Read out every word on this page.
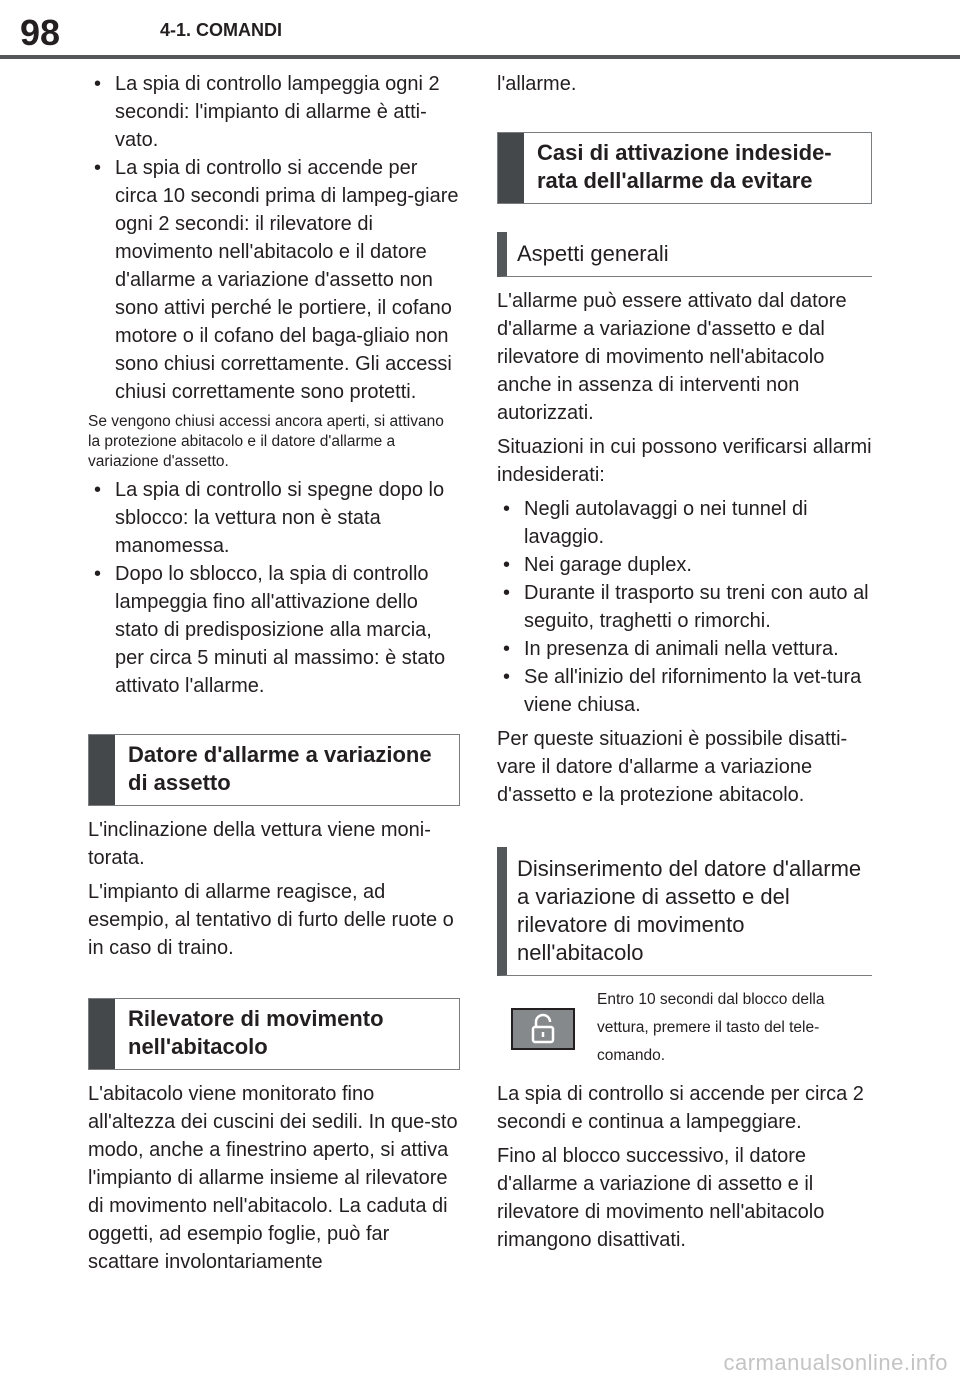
98	4-1. COMANDI
• La spia di controllo lampeggia ogni 2 secondi: l'impianto di allarme è atti-vato.
• La spia di controllo si accende per circa 10 secondi prima di lampeg-giare ogni 2 secondi: il rilevatore di movimento nell'abitacolo e il datore d'allarme a variazione d'assetto non sono attivi perché le portiere, il cofano motore o il cofano del baga-gliaio non sono chiusi correttamente. Gli accessi chiusi correttamente sono protetti.

Se vengono chiusi accessi ancora aperti, si attivano la protezione abitacolo e il datore d'allarme a variazione d'assetto.

• La spia di controllo si spegne dopo lo sblocco: la vettura non è stata manomessa.
• Dopo lo sblocco, la spia di controllo lampeggia fino all'attivazione dello stato di predisposizione alla marcia, per circa 5 minuti al massimo: è stato attivato l'allarme.
Datore d'allarme a variazione di assetto

L'inclinazione della vettura viene moni-torata.

L'impianto di allarme reagisce, ad esempio, al tentativo di furto delle ruote o in caso di traino.

Rilevatore di movimento nell'abitacolo

L'abitacolo viene monitorato fino all'altezza dei cuscini dei sedili. In que-sto modo, anche a finestrino aperto, si attiva l'impianto di allarme insieme al rilevatore di movimento nell'abitacolo. La caduta di oggetti, ad esempio foglie, può far scattare involontariamente

l'allarme.

Casi di attivazione indeside-rata dell'allarme da evitare
Aspetti generali

L'allarme può essere attivato dal datore d'allarme a variazione d'assetto e dal rilevatore di movimento nell'abitacolo anche in assenza di interventi non autorizzati.

Situazioni in cui possono verificarsi allarmi indesiderati:

• Negli autolavaggi o nei tunnel di lavaggio.
• Nei garage duplex.
• Durante il trasporto su treni con auto al seguito, traghetti o rimorchi.
• In presenza di animali nella vettura.
• Se all'inizio del rifornimento la vet-tura viene chiusa.

Per queste situazioni è possibile disatti-vare il datore d'allarme a variazione d'assetto e la protezione abitacolo.

Disinserimento del datore d'allarme a variazione di assetto e del rilevatore di movimento nell'abitacolo
Entro 10 secondi dal blocco della vettura, premere il tasto del tele-comando.

La spia di controllo si accende per circa 2 secondi e continua a lampeggiare.

Fino al blocco successivo, il datore d'allarme a variazione di assetto e il rilevatore di movimento nell'abitacolo rimangono disattivati.

carmanualsonline.info
